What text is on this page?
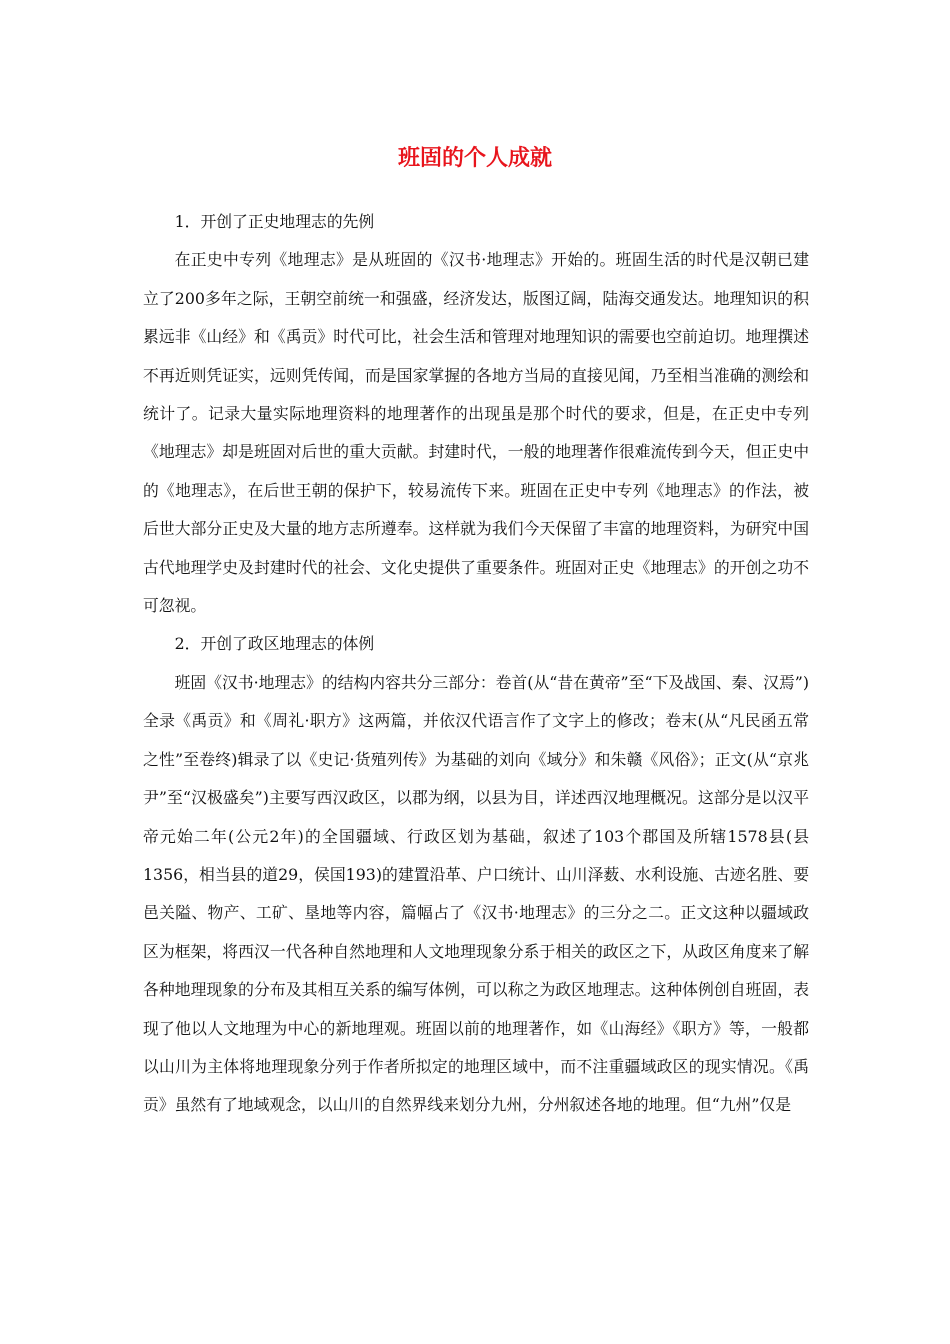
班固的个人成就

1．开创了正史地理志的先例

在正史中专列《地理志》是从班固的《汉书·地理志》开始的。班固生活的时代是汉朝已建立了200多年之际，王朝空前统一和强盛，经济发达，版图辽阔，陆海交通发达。地理知识的积累远非《山经》和《禹贡》时代可比，社会生活和管理对地理知识的需要也空前迫切。地理撰述不再近则凭证实，远则凭传闻，而是国家掌握的各地方当局的直接见闻，乃至相当准确的测绘和统计了。记录大量实际地理资料的地理著作的出现虽是那个时代的要求，但是，在正史中专列《地理志》却是班固对后世的重大贡献。封建时代，一般的地理著作很难流传到今天，但正史中的《地理志》，在后世王朝的保护下，较易流传下来。班固在正史中专列《地理志》的作法，被后世大部分正史及大量的地方志所遵奉。这样就为我们今天保留了丰富的地理资料，为研究中国古代地理学史及封建时代的社会、文化史提供了重要条件。班固对正史《地理志》的开创之功不可忽视。

2．开创了政区地理志的体例

班固《汉书·地理志》的结构内容共分三部分：卷首(从“昔在黄帝”至“下及战国、秦、汉焉”)全录《禹贡》和《周礼·职方》这两篇，并依汉代语言作了文字上的修改；卷末(从“凡民函五常之性”至卷终)辑录了以《史记·货殖列传》为基础的刘向《域分》和朱赣《风俗》；正文(从“京兆尹”至“汉极盛矣”)主要写西汉政区，以郡为纲，以县为目，详述西汉地理概况。这部分是以汉平帝元始二年(公元2年)的全国疆域、行政区划为基础，叙述了103个郡国及所辖1578县(县1356，相当县的道29，侯国193)的建置沿革、户口统计、山川泽薮、水利设施、古迹名胜、要邑关隘、物产、工矿、垦地等内容，篇幅占了《汉书·地理志》的三分之二。正文这种以疆域政区为框架，将西汉一代各种自然地理和人文地理现象分系于相关的政区之下，从政区角度来了解各种地理现象的分布及其相互关系的编写体例，可以称之为政区地理志。这种体例创自班固，表现了他以人文地理为中心的新地理观。班固以前的地理著作，如《山海经》《职方》等，一般都以山川为主体将地理现象分列于作者所拟定的地理区域中，而不注重疆域政区的现实情况。《禹贡》虽然有了地域观念，以山川的自然界线来划分九州，分州叙述各地的地理。但“九州”仅是
